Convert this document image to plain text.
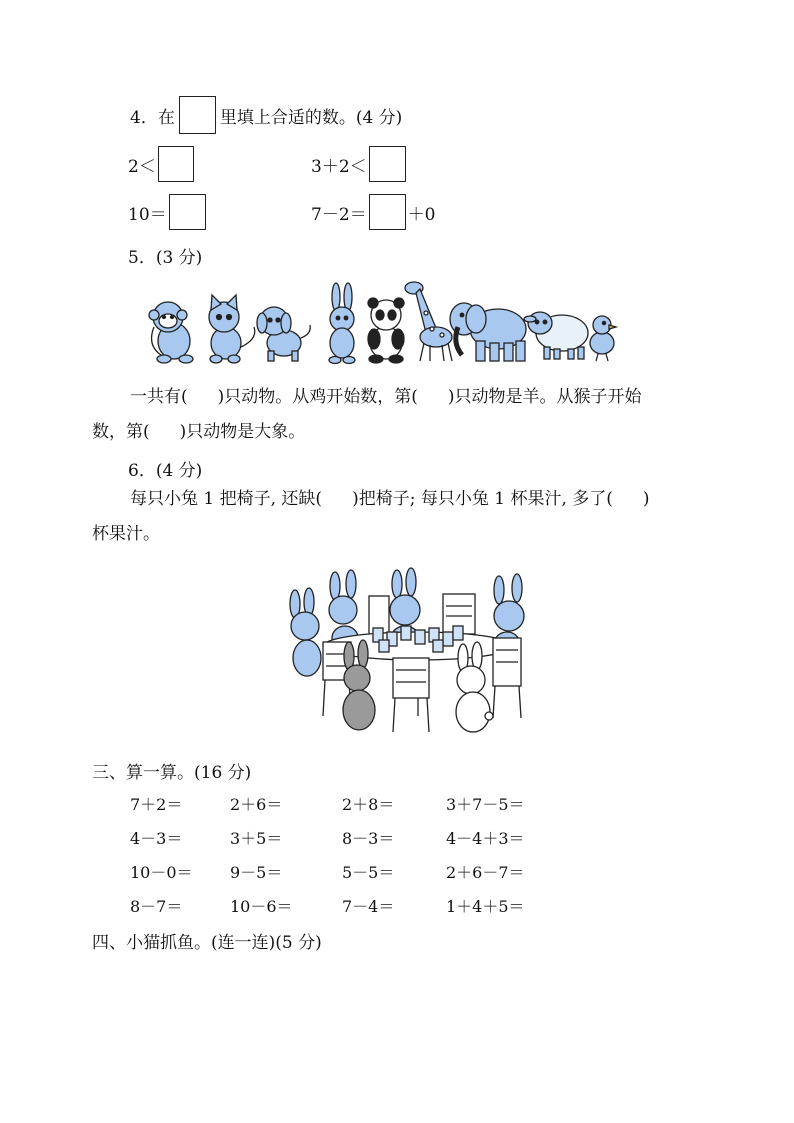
4． 在	里填上合适的数。(4 分)
2＜	3＋2＜
10＝	7－2＝ ＋0
5．(3 分)
一共有( )只动物。从鸡开始数，第( )只动物是羊。从猴子开始
数，第( )只动物是大象。
6．(4 分)
每只小兔 1 把椅子, 还缺( )把椅子; 每只小兔 1 杯果汁, 多了( )
杯果汁。
三、算一算。(16 分)
7＋2＝	2＋6＝	2＋8＝	3＋7－5＝
4－3＝	3＋5＝	8－3＝	4－4＋3＝
10－0＝ 9－5＝	5－5＝	2＋6－7＝
8－7＝	10－6＝	7－4＝	1＋4＋5＝
四、小猫抓鱼。(连一连)(5 分)
